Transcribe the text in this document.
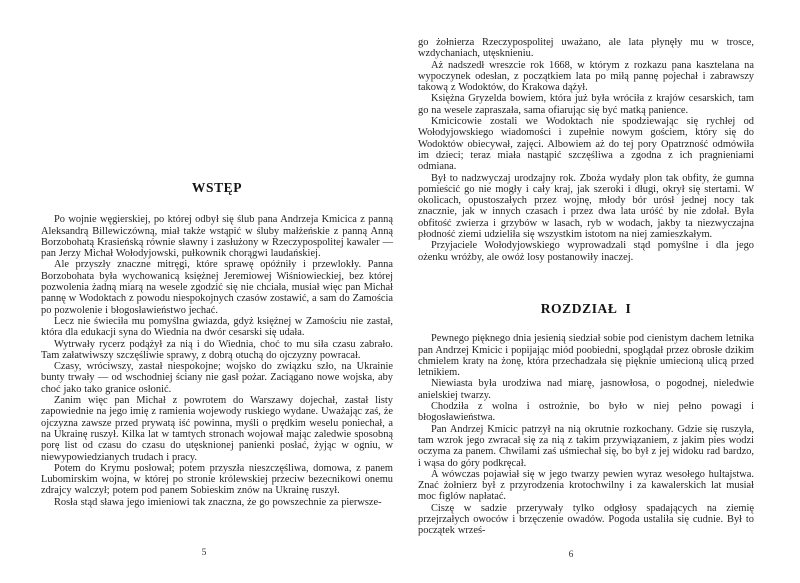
WSTĘP

Po wojnie węgierskiej, po której odbył się ślub pana Andrzeja Kmicica z panną Aleksandrą Billewiczówną, miał także wstąpić w śluby małżeńskie z panną Anną Borzobohatą Krasieńską równie sławny i zasłużony w Rzeczypospolitej kawaler — pan Jerzy Michał Wołodyjowski, pułkownik chorągwi laudańskiej.

Ale przyszły znaczne mitręgi, które sprawę opóźniły i przewlokły. Panna Borzobohata była wychowanicą księżnej Jeremiowej Wiśniowieckiej, bez której pozwolenia żadną miarą na wesele zgodzić się nie chciała, musiał więc pan Michał pannę w Wodoktach z powodu niespokojnych czasów zostawić, a sam do Zamościa po pozwolenie i błogosławieństwo jechać.

Lecz nie świeciła mu pomyślna gwiazda, gdyż księżnej w Zamościu nie zastał, która dla edukacji syna do Wiednia na dwór cesarski się udała.

Wytrwały rycerz podążył za nią i do Wiednia, choć to mu siła czasu zabrało. Tam załatwiwszy szczęśliwie sprawy, z dobrą otuchą do ojczyzny powracał.

Czasy, wróciwszy, zastał niespokojne; wojsko do związku szło, na Ukrainie bunty trwały — od wschodniej ściany nie gasł pożar. Zaciągano nowe wojska, aby choć jako tako granice osłonić.

Zanim więc pan Michał z powrotem do Warszawy dojechał, zastał listy zapowiednie na jego imię z ramienia wojewody ruskiego wydane. Uważając zaś, że ojczyzna zawsze przed prywatą iść powinna, myśli o prędkim weselu poniechał, a na Ukrainę ruszył. Kilka lat w tamtych stronach wojował mając zaledwie sposobną porę list od czasu do czasu do utęsknionej panienki posłać, żyjąc w ogniu, w niewypowiedzianych trudach i pracy.

Potem do Krymu posłował; potem przyszła nieszczęśliwa, domowa, z panem Lubomirskim wojna, w której po stronie królewskiej przeciw bezecnikowi onemu zdrajcy walczył; potem pod panem Sobieskim znów na Ukrainę ruszył.

Rosła stąd sława jego imieniowi tak znaczna, że go powszechnie za pierwsze-

5

go żołnierza Rzeczypospolitej uważano, ale lata płynęły mu w trosce, wzdychaniach, utęsknieniu.

Aż nadszedł wreszcie rok 1668, w którym z rozkazu pana kasztelana na wypoczynek odesłan, z początkiem lata po miłą pannę pojechał i zabrawszy takową z Wodoktów, do Krakowa dążył.

Księżna Gryzelda bowiem, która już była wróciła z krajów cesarskich, tam go na wesele zapraszała, sama ofiarując się być matką panience.

Kmicicowie zostali we Wodoktach nie spodziewając się rychłej od Wołodyjowskiego wiadomości i zupełnie nowym gościem, który się do Wodoktów obiecywał, zajęci. Albowiem aż do tej pory Opatrzność odmówiła im dzieci; teraz miała nastąpić szczęśliwa a zgodna z ich pragnieniami odmiana.

Był to nadzwyczaj urodzajny rok. Zboża wydały plon tak obfity, że gumna pomieścić go nie mogły i cały kraj, jak szeroki i długi, okrył się stertami. W okolicach, opustoszałych przez wojnę, młody bór urósł jednej nocy tak znacznie, jak w innych czasach i przez dwa lata uróść by nie zdołał. Była obfitość zwierza i grzybów w lasach, ryb w wodach, jakby ta niezwyczajna płodność ziemi udzieliła się wszystkim istotom na niej zamieszkałym.

Przyjaciele Wołodyjowskiego wyprowadzali stąd pomyślne i dla jego ożenku wróżby, ale owóż losy postanowiły inaczej.

ROZDZIAŁ  I

Pewnego pięknego dnia jesienią siedział sobie pod cienistym dachem letnika pan Andrzej Kmicic i popijając miód poobiedni, spoglądał przez obrosłe dzikim chmielem kraty na żonę, która przechadzała się pięknie umiecioną ulicą przed letnikiem.

Niewiasta była urodziwa nad miarę, jasnowłosa, o pogodnej, nieledwie anielskiej twarzy.

Chodziła z wolna i ostrożnie, bo było w niej pełno powagi i błogosławieństwa.

Pan Andrzej Kmicic patrzył na nią okrutnie rozkochany. Gdzie się ruszyła, tam wzrok jego zwracał się za nią z takim przywiązaniem, z jakim pies wodzi oczyma za panem. Chwilami zaś uśmiechał się, bo był z jej widoku rad bardzo, i wąsa do góry podkręcał.

A wówczas pojawiał się w jego twarzy pewien wyraz wesołego hultajstwa. Znać żołnierz był z przyrodzenia krotochwilny i za kawalerskich lat musiał moc figlów napłatać.

Ciszę w sadzie przerywały tylko odgłosy spadających na ziemię przejrzałych owoców i brzęczenie owadów. Pogoda ustaliła się cudnie. Był to początek wrześ-

6
